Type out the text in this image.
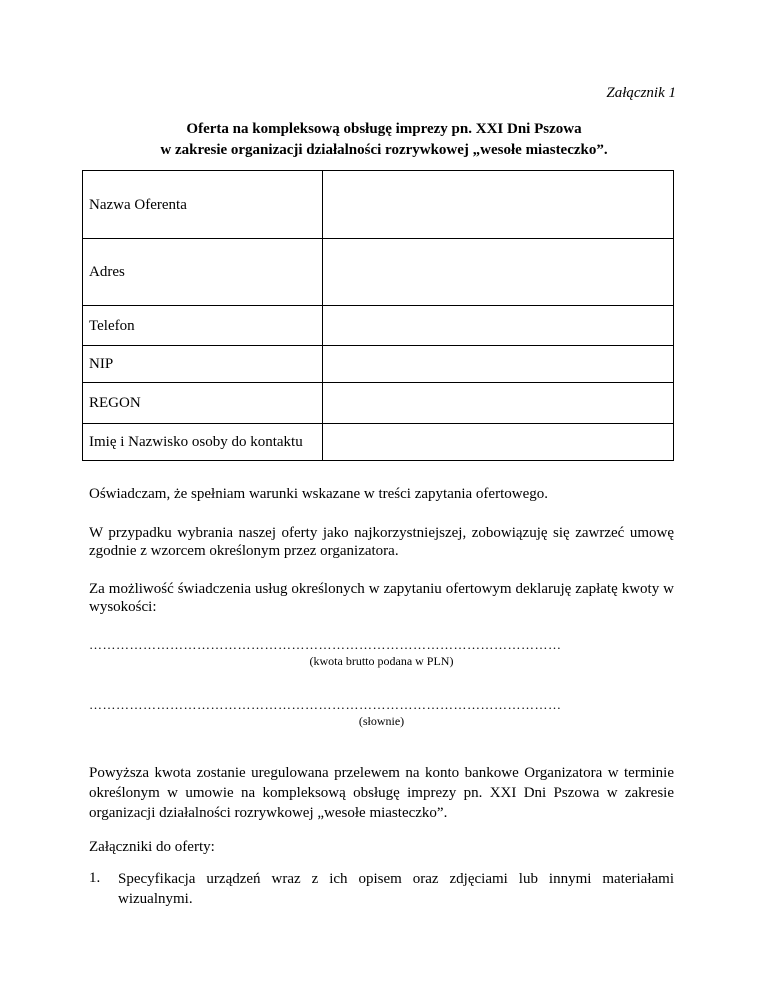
Załącznik 1
Oferta na kompleksową obsługę imprezy pn. XXI Dni Pszowa
w zakresie organizacji działalności rozrywkowej „wesołe miasteczko”.
Nazwa Oferenta	
Adres	
Telefon	
NIP	
REGON	
Imię i Nazwisko osoby do kontaktu	
Oświadczam, że spełniam warunki wskazane w treści zapytania ofertowego.
W przypadku wybrania naszej oferty jako najkorzystniejszej, zobowiązuję się zawrzeć umowę zgodnie z wzorcem określonym przez organizatora.
Za możliwość świadczenia usług określonych w zapytaniu ofertowym deklaruję zapłatę kwoty w wysokości:
……………………………………………………………………………………………
(kwota brutto podana w PLN)
……………………………………………………………………………………………
(słownie)
Powyższa kwota zostanie uregulowana przelewem na konto bankowe Organizatora w terminie określonym w umowie na kompleksową obsługę imprezy pn. XXI Dni Pszowa w zakresie organizacji działalności rozrywkowej „wesołe miasteczko”.
Załączniki do oferty:
1. Specyfikacja urządzeń wraz z ich opisem oraz zdjęciami lub innymi materiałami wizualnymi.
